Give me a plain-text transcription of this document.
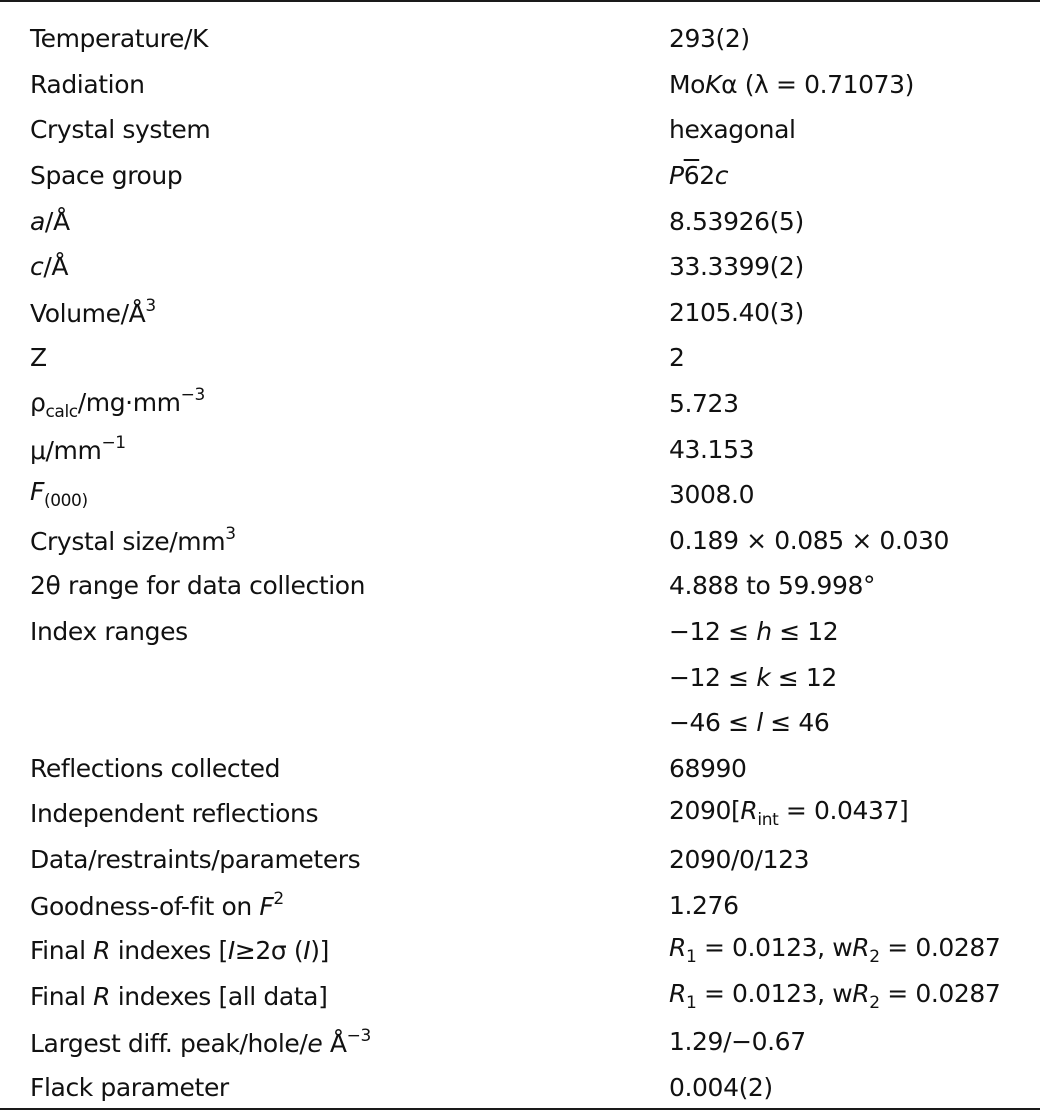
Temperature/K	293(2)
Radiation	MoKα (λ = 0.71073)
Crystal system	hexagonal
Space group	P62c
a/Å	8.53926(5)
c/Å	33.3399(2)
Volume/$Å^3$	2105.40(3)
Z	2
$\rho_{calc}/mg\cdot mm^{-3}$	5.723
$\mu/mm^{-1}$	43.153
$F_{(000)}$	3008.0
Crystal size/$mm^3$	0.189 × 0.085 × 0.030
2θ range for data collection	4.888 to 59.998°
Index ranges	−12 ≤ h ≤ 12
	−12 ≤ k ≤ 12
	−46 ≤ l ≤ 46
Reflections collected	68990
Independent reflections	$2090[R_{int} = 0.0437]$
Data/restraints/parameters	2090/0/123
Goodness-of-fit on $F^2$	1.276
Final R indexes [I≥2σ (I)]	$R_1 = 0.0123$, $wR_2 = 0.0287$
Final R indexes [all data]	$R_1 = 0.0123$, $wR_2 = 0.0287$
Largest diff. peak/hole/e $Å^{-3}$	1.29/−0.67
Flack parameter	0.004(2)
